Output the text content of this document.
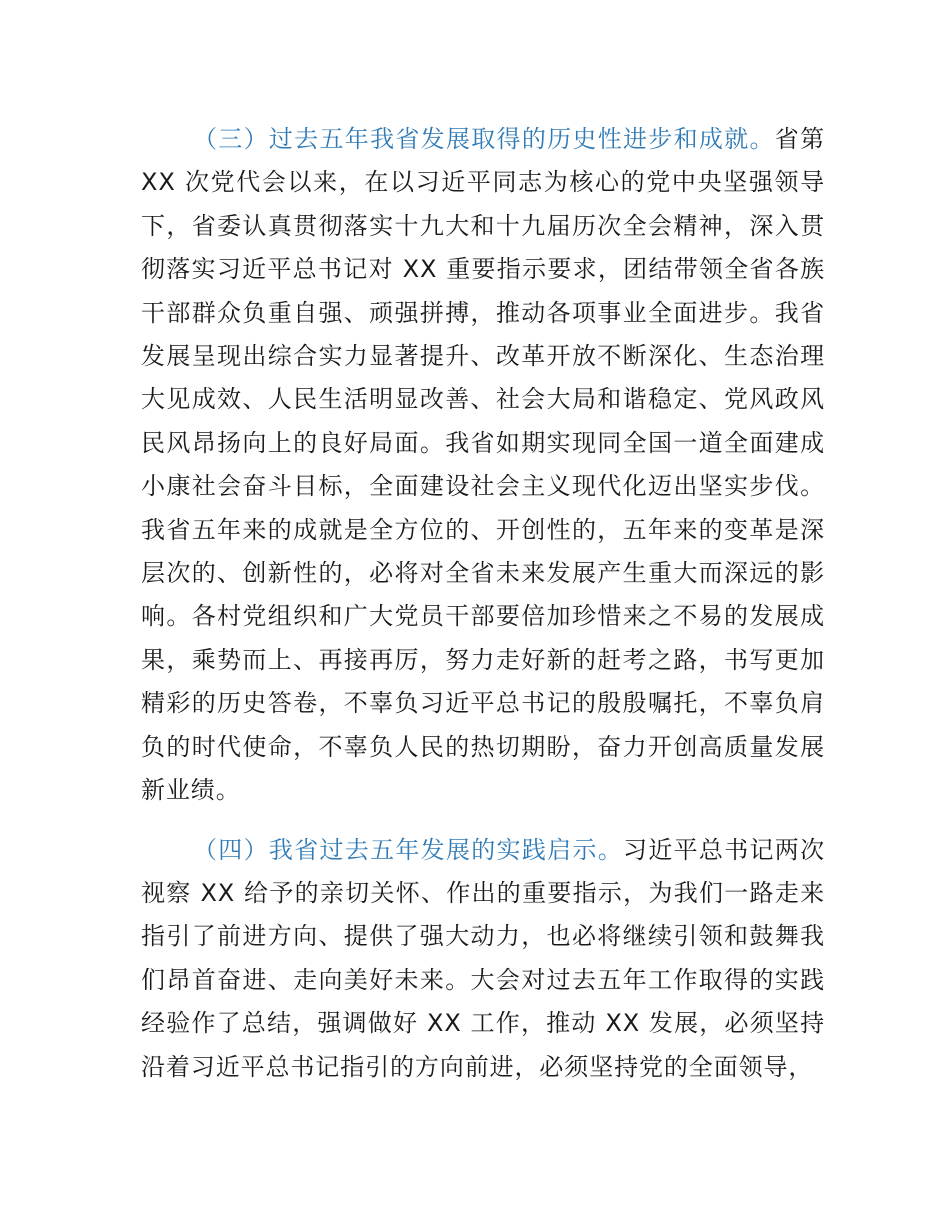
（三）过去五年我省发展取得的历史性进步和成就。省第 XX 次党代会以来，在以习近平同志为核心的党中央坚强领导下，省委认真贯彻落实十九大和十九届历次全会精神，深入贯彻落实习近平总书记对 XX 重要指示要求，团结带领全省各族干部群众负重自强、顽强拼搏，推动各项事业全面进步。我省发展呈现出综合实力显著提升、改革开放不断深化、生态治理大见成效、人民生活明显改善、社会大局和谐稳定、党风政风民风昂扬向上的良好局面。我省如期实现同全国一道全面建成小康社会奋斗目标，全面建设社会主义现代化迈出坚实步伐。我省五年来的成就是全方位的、开创性的，五年来的变革是深层次的、创新性的，必将对全省未来发展产生重大而深远的影响。各村党组织和广大党员干部要倍加珍惜来之不易的发展成果，乘势而上、再接再厉，努力走好新的赶考之路，书写更加精彩的历史答卷，不辜负习近平总书记的殷殷嘱托，不辜负肩负的时代使命，不辜负人民的热切期盼，奋力开创高质量发展新业绩。

（四）我省过去五年发展的实践启示。习近平总书记两次视察 XX 给予的亲切关怀、作出的重要指示，为我们一路走来指引了前进方向、提供了强大动力，也必将继续引领和鼓舞我们昂首奋进、走向美好未来。大会对过去五年工作取得的实践经验作了总结，强调做好 XX 工作，推动 XX 发展，必须坚持沿着习近平总书记指引的方向前进，必须坚持党的全面领导，
